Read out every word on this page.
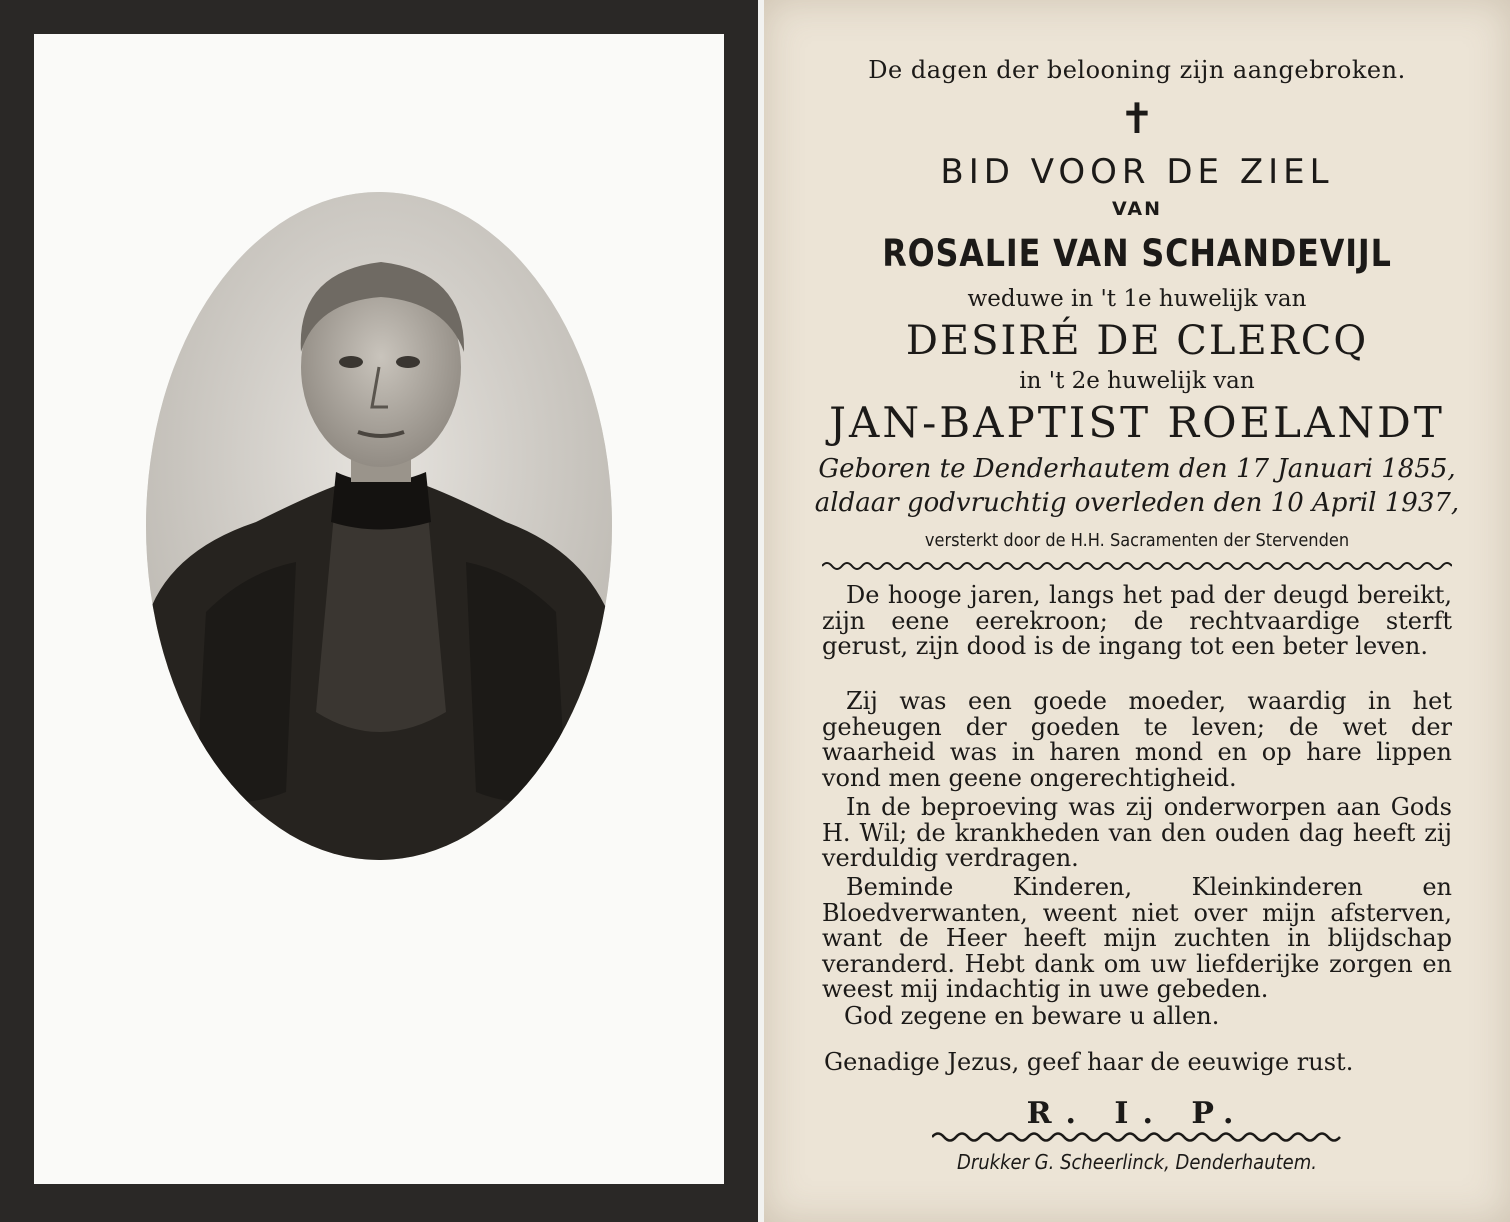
De dagen der belooning zijn aangebroken.
✝
BID VOOR DE ZIEL
VAN
ROSALIE VAN SCHANDEVIJL
weduwe in 't 1e huwelijk van
DESIRÉ DE CLERCQ
in 't 2e huwelijk van
JAN-BAPTIST ROELANDT
Geboren te Denderhautem den 17 Januari 1855,
aldaar godvruchtig overleden den 10 April 1937,
versterkt door de H.H. Sacramenten der Stervenden
De hooge jaren, langs het pad der deugd bereikt, zijn eene eerekroon; de rechtvaardige sterft gerust, zijn dood is de ingang tot een beter leven.
Zij was een goede moeder, waardig in het geheugen der goeden te leven; de wet der waarheid was in haren mond en op hare lippen vond men geene ongerechtigheid.
In de beproeving was zij onderworpen aan Gods H. Wil; de krankheden van den ouden dag heeft zij verduldig verdragen.
Beminde Kinderen, Kleinkinderen en Bloedverwanten, weent niet over mijn afsterven, want de Heer heeft mijn zuchten in blijdschap veranderd. Hebt dank om uw liefderijke zorgen en weest mij indachtig in uwe gebeden.
God zegene en beware u allen.
Genadige Jezus, geef haar de eeuwige rust.
R. I. P.
Drukker G. Scheerlinck, Denderhautem.
